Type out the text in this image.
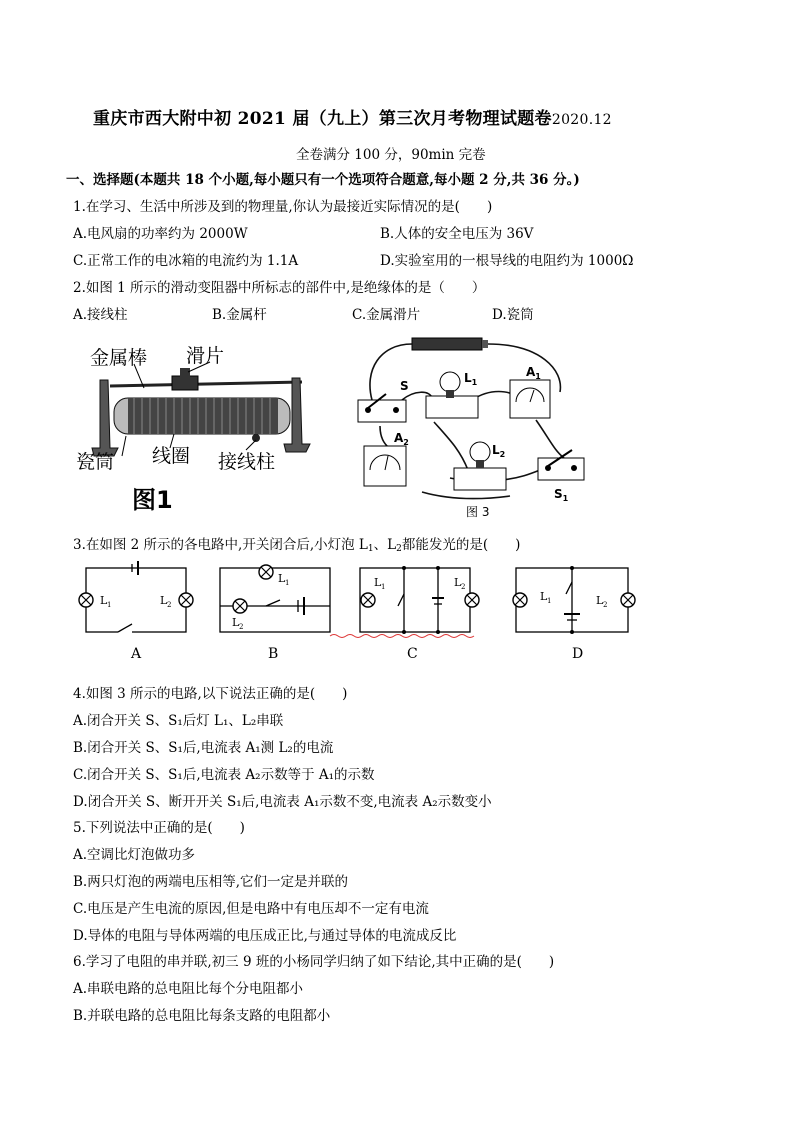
重庆市西大附中初 2021 届（九上）第三次月考物理试题卷2020.12
全卷满分 100 分，90min 完卷
一、选择题(本题共 18 个小题,每小题只有一个选项符合题意,每小题 2 分,共 36 分。)
1.在学习、生活中所涉及到的物理量,你认为最接近实际情况的是(　　)
A.电风扇的功率约为 2000W	B.人体的安全电压为 36V
C.正常工作的电冰箱的电流约为 1.1A	D.实验室用的一根导线的电阻约为 1000Ω
2.如图 1 所示的滑动变阻器中所标志的部件中,是绝缘体的是（　　）
A.接线柱	B.金属杆	C.金属滑片	D.瓷筒
金属棒 滑片
瓷筒 线圈 接线柱
图1
S
$L_1$
$A_1$
$A_2$
$L_2$
$S_1$
图 3
3.在如图 2 所示的各电路中,开关闭合后,小灯泡 $L_1$、$L_2$都能发光的是(　　)
L 1	L 2
L 1
L 2
L 1	L 2
L 1	L 2
A	B	C	D
4.如图 3 所示的电路,以下说法正确的是(　　)
A.闭合开关 S、S₁后灯 L₁、L₂串联
B.闭合开关 S、S₁后,电流表 A₁测 L₂的电流
C.闭合开关 S、S₁后,电流表 A₂示数等于 A₁的示数
D.闭合开关 S、断开开关 S₁后,电流表 A₁示数不变,电流表 A₂示数变小
5.下列说法中正确的是(　　)
A.空调比灯泡做功多
B.两只灯泡的两端电压相等,它们一定是并联的
C.电压是产生电流的原因,但是电路中有电压却不一定有电流
D.导体的电阻与导体两端的电压成正比,与通过导体的电流成反比
6.学习了电阻的串并联,初三 9 班的小杨同学归纳了如下结论,其中正确的是(　　)
A.串联电路的总电阻比每个分电阻都小
B.并联电路的总电阻比每条支路的电阻都小
